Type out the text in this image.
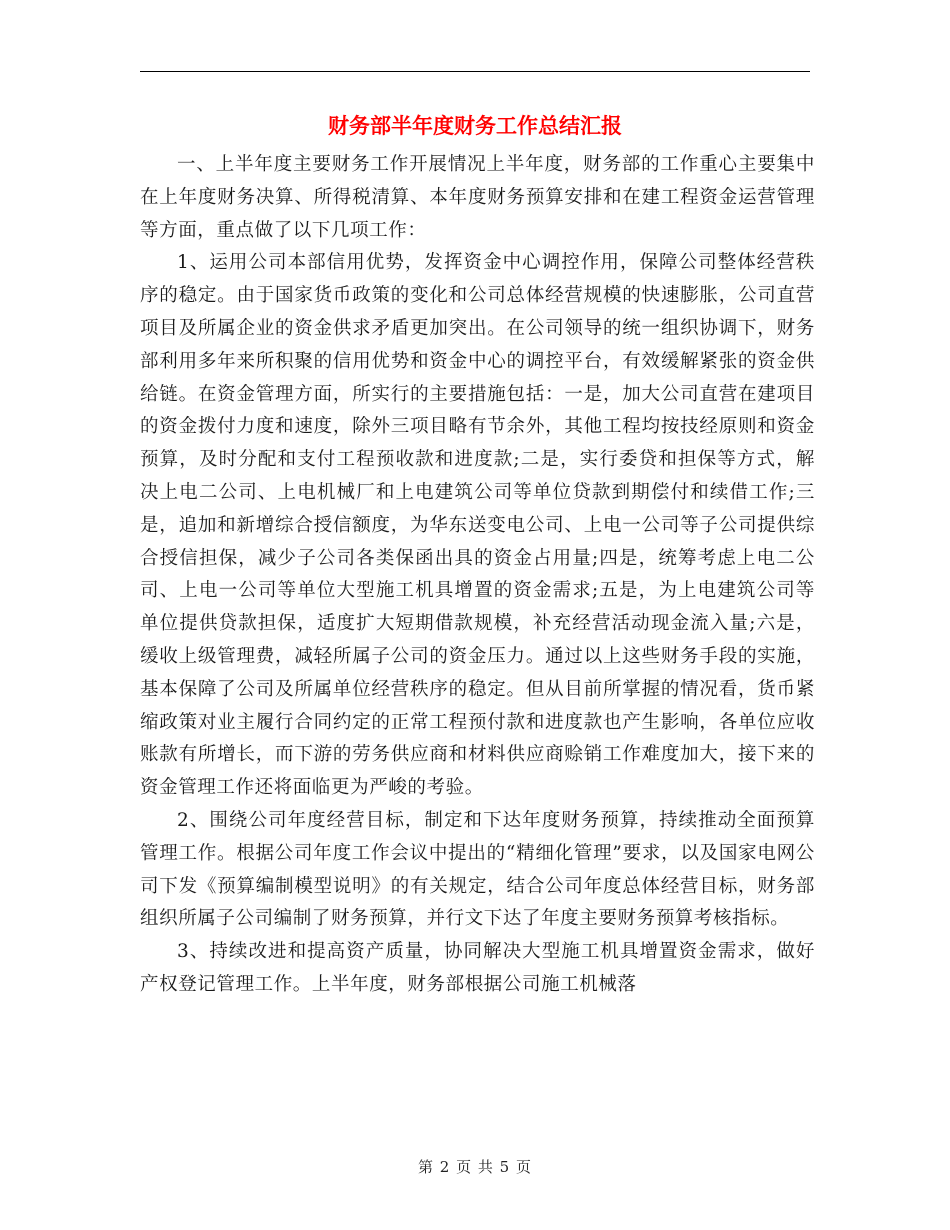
财务部半年度财务工作总结汇报

一、上半年度主要财务工作开展情况上半年度，财务部的工作重心主要集中在上年度财务决算、所得税清算、本年度财务预算安排和在建工程资金运营管理等方面，重点做了以下几项工作：

1、运用公司本部信用优势，发挥资金中心调控作用，保障公司整体经营秩序的稳定。由于国家货币政策的变化和公司总体经营规模的快速膨胀，公司直营项目及所属企业的资金供求矛盾更加突出。在公司领导的统一组织协调下，财务部利用多年来所积聚的信用优势和资金中心的调控平台，有效缓解紧张的资金供给链。在资金管理方面，所实行的主要措施包括：一是，加大公司直营在建项目的资金拨付力度和速度，除外三项目略有节余外，其他工程均按技经原则和资金预算，及时分配和支付工程预收款和进度款;二是，实行委贷和担保等方式，解决上电二公司、上电机械厂和上电建筑公司等单位贷款到期偿付和续借工作;三是，追加和新增综合授信额度，为华东送变电公司、上电一公司等子公司提供综合授信担保，减少子公司各类保函出具的资金占用量;四是，统筹考虑上电二公司、上电一公司等单位大型施工机具增置的资金需求;五是，为上电建筑公司等单位提供贷款担保，适度扩大短期借款规模，补充经营活动现金流入量;六是，缓收上级管理费，减轻所属子公司的资金压力。通过以上这些财务手段的实施，基本保障了公司及所属单位经营秩序的稳定。但从目前所掌握的情况看，货币紧缩政策对业主履行合同约定的正常工程预付款和进度款也产生影响，各单位应收账款有所增长，而下游的劳务供应商和材料供应商赊销工作难度加大，接下来的资金管理工作还将面临更为严峻的考验。

2、围绕公司年度经营目标，制定和下达年度财务预算，持续推动全面预算管理工作。根据公司年度工作会议中提出的“精细化管理”要求，以及国家电网公司下发《预算编制模型说明》的有关规定，结合公司年度总体经营目标，财务部组织所属子公司编制了财务预算，并行文下达了年度主要财务预算考核指标。

3、持续改进和提高资产质量，协同解决大型施工机具增置资金需求，做好产权登记管理工作。上半年度，财务部根据公司施工机械落

第 2 页 共 5 页
